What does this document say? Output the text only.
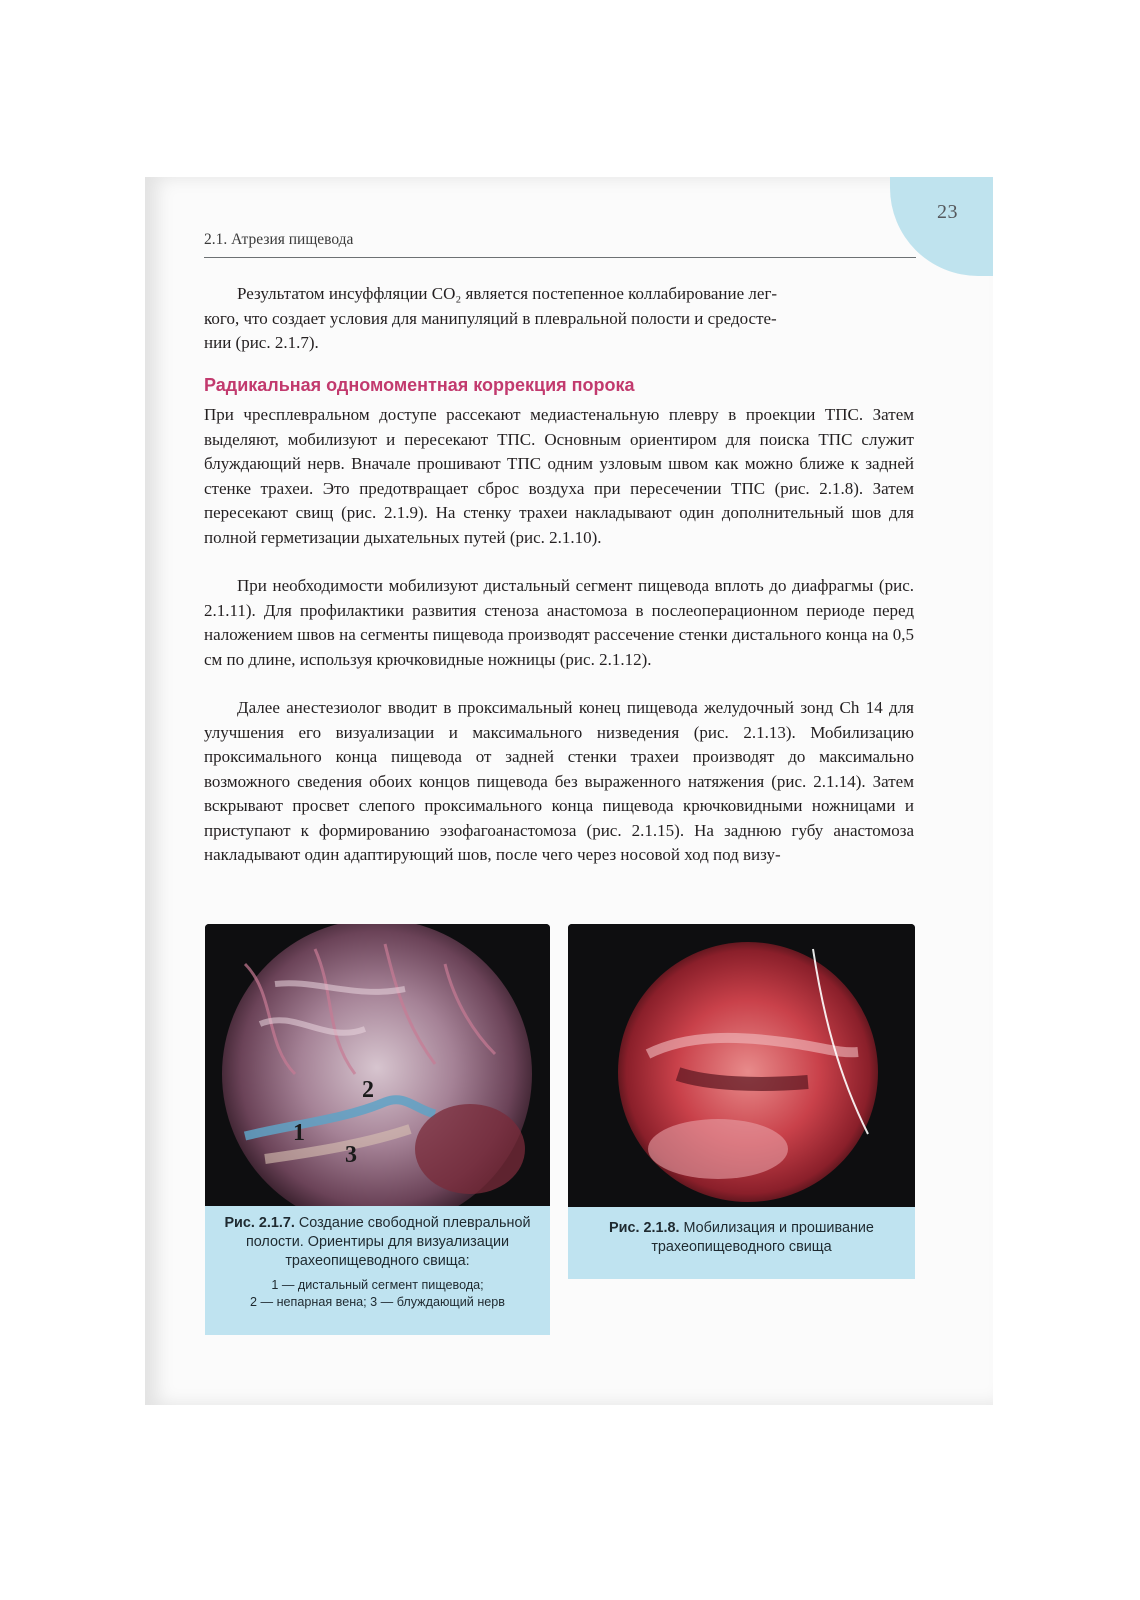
23
2.1. Атрезия пищевода

Результатом инсуффляции СО₂ является постепенное коллабирование лег-
кого, что создает условия для манипуляций в плевральной полости и средосте-
нии (рис. 2.1.7).

Радикальная одномоментная коррекция порока

При чресплевральном доступе рассекают медиастенальную плевру в проекции ТПС. Затем выделяют, мобилизуют и пересекают ТПС. Основным ориентиром для поиска ТПС служит блуждающий нерв. Вначале прошивают ТПС одним узловым швом как можно ближе к задней стенке трахеи. Это предотвращает сброс воздуха при пересечении ТПС (рис. 2.1.8). Затем пересекают свищ (рис. 2.1.9). На стенку трахеи накладывают один дополнительный шов для полной герметизации дыхательных путей (рис. 2.1.10).

При необходимости мобилизуют дистальный сегмент пищевода вплоть до диафрагмы (рис. 2.1.11). Для профилактики развития стеноза анастомоза в послеоперационном периоде перед наложением швов на сегменты пищевода производят рассечение стенки дистального конца на 0,5 см по длине, используя крючковидные ножницы (рис. 2.1.12).

Далее анестезиолог вводит в проксимальный конец пищевода желудочный зонд Ch 14 для улучшения его визуализации и максимального низведения (рис. 2.1.13). Мобилизацию проксимального конца пищевода от задней стенки трахеи производят до максимально возможного сведения обоих концов пищевода без выраженного натяжения (рис. 2.1.14). Затем вскрывают просвет слепого проксимального конца пищевода крючковидными ножницами и приступают к формированию эзофагоанастомоза (рис. 2.1.15). На заднюю губу анастомоза накладывают один адаптирующий шов, после чего через носовой ход под визу-

1
2
3

Рис. 2.1.7. Создание свободной плевральной полости. Ориентиры для визуализации трахеопищеводного свища:

1 — дистальный сегмент пищевода;
2 — непарная вена; 3 — блуждающий нерв

Рис. 2.1.8. Мобилизация и прошивание трахеопищеводного свища
